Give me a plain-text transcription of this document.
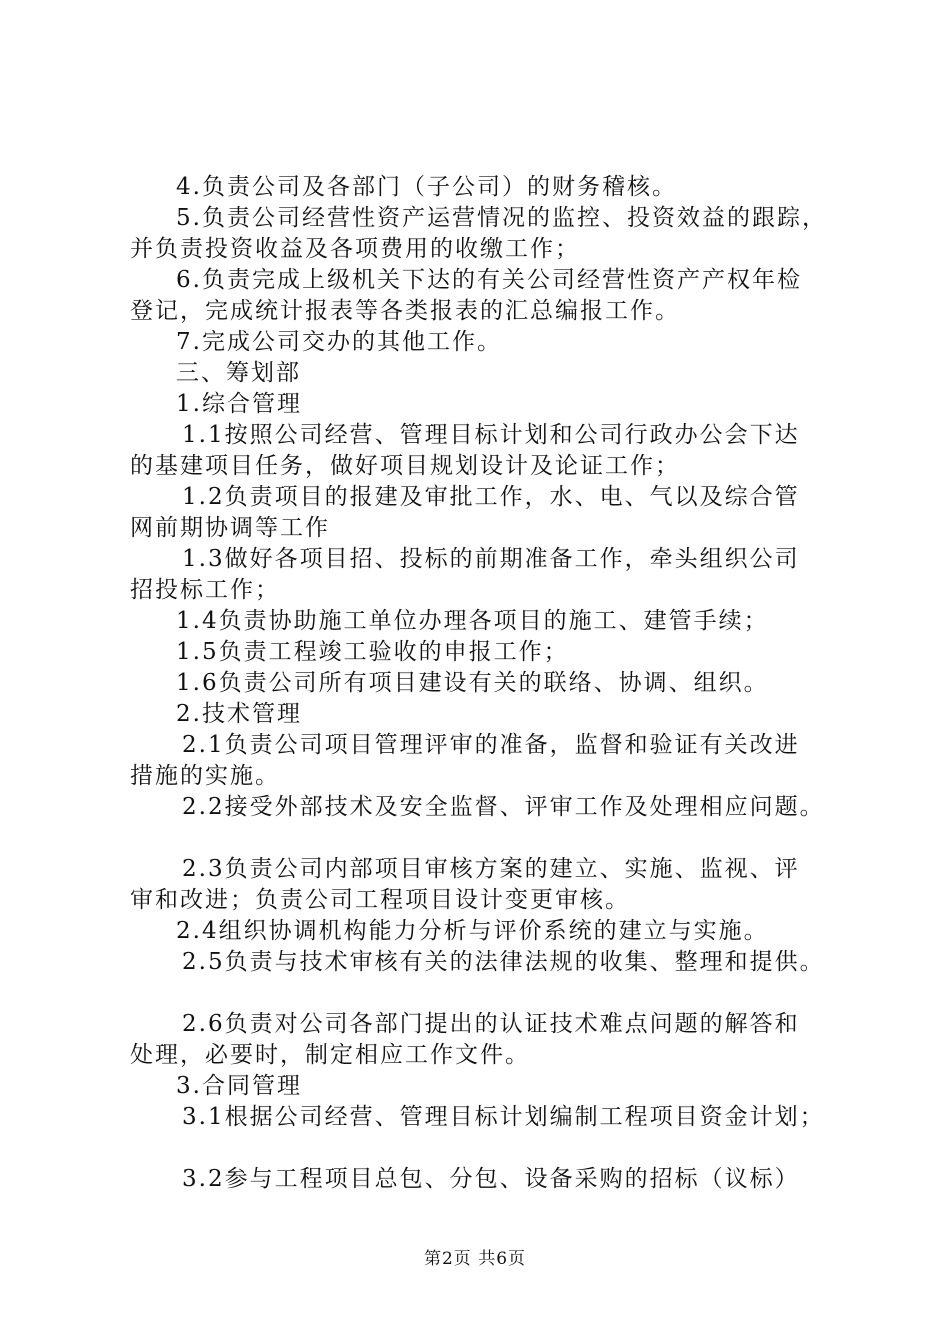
4.负责公司及各部门（子公司）的财务稽核。
5.负责公司经营性资产运营情况的监控、投资效益的跟踪，
并负责投资收益及各项费用的收缴工作；
6.负责完成上级机关下达的有关公司经营性资产产权年检
登记，完成统计报表等各类报表的汇总编报工作。
7.完成公司交办的其他工作。
三、筹划部
1.综合管理
1.1按照公司经营、管理目标计划和公司行政办公会下达
的基建项目任务，做好项目规划设计及论证工作；
1.2负责项目的报建及审批工作，水、电、气以及综合管
网前期协调等工作
1.3做好各项目招、投标的前期准备工作，牵头组织公司
招投标工作；
1.4负责协助施工单位办理各项目的施工、建管手续；
1.5负责工程竣工验收的申报工作；
1.6负责公司所有项目建设有关的联络、协调、组织。
2.技术管理
2.1负责公司项目管理评审的准备，监督和验证有关改进
措施的实施。
2.2接受外部技术及安全监督、评审工作及处理相应问题。
2.3负责公司内部项目审核方案的建立、实施、监视、评
审和改进；负责公司工程项目设计变更审核。
2.4组织协调机构能力分析与评价系统的建立与实施。
2.5负责与技术审核有关的法律法规的收集、整理和提供。
2.6负责对公司各部门提出的认证技术难点问题的解答和
处理，必要时，制定相应工作文件。
3.合同管理
3.1根据公司经营、管理目标计划编制工程项目资金计划；
3.2参与工程项目总包、分包、设备采购的招标（议标）
第2页 共6页
